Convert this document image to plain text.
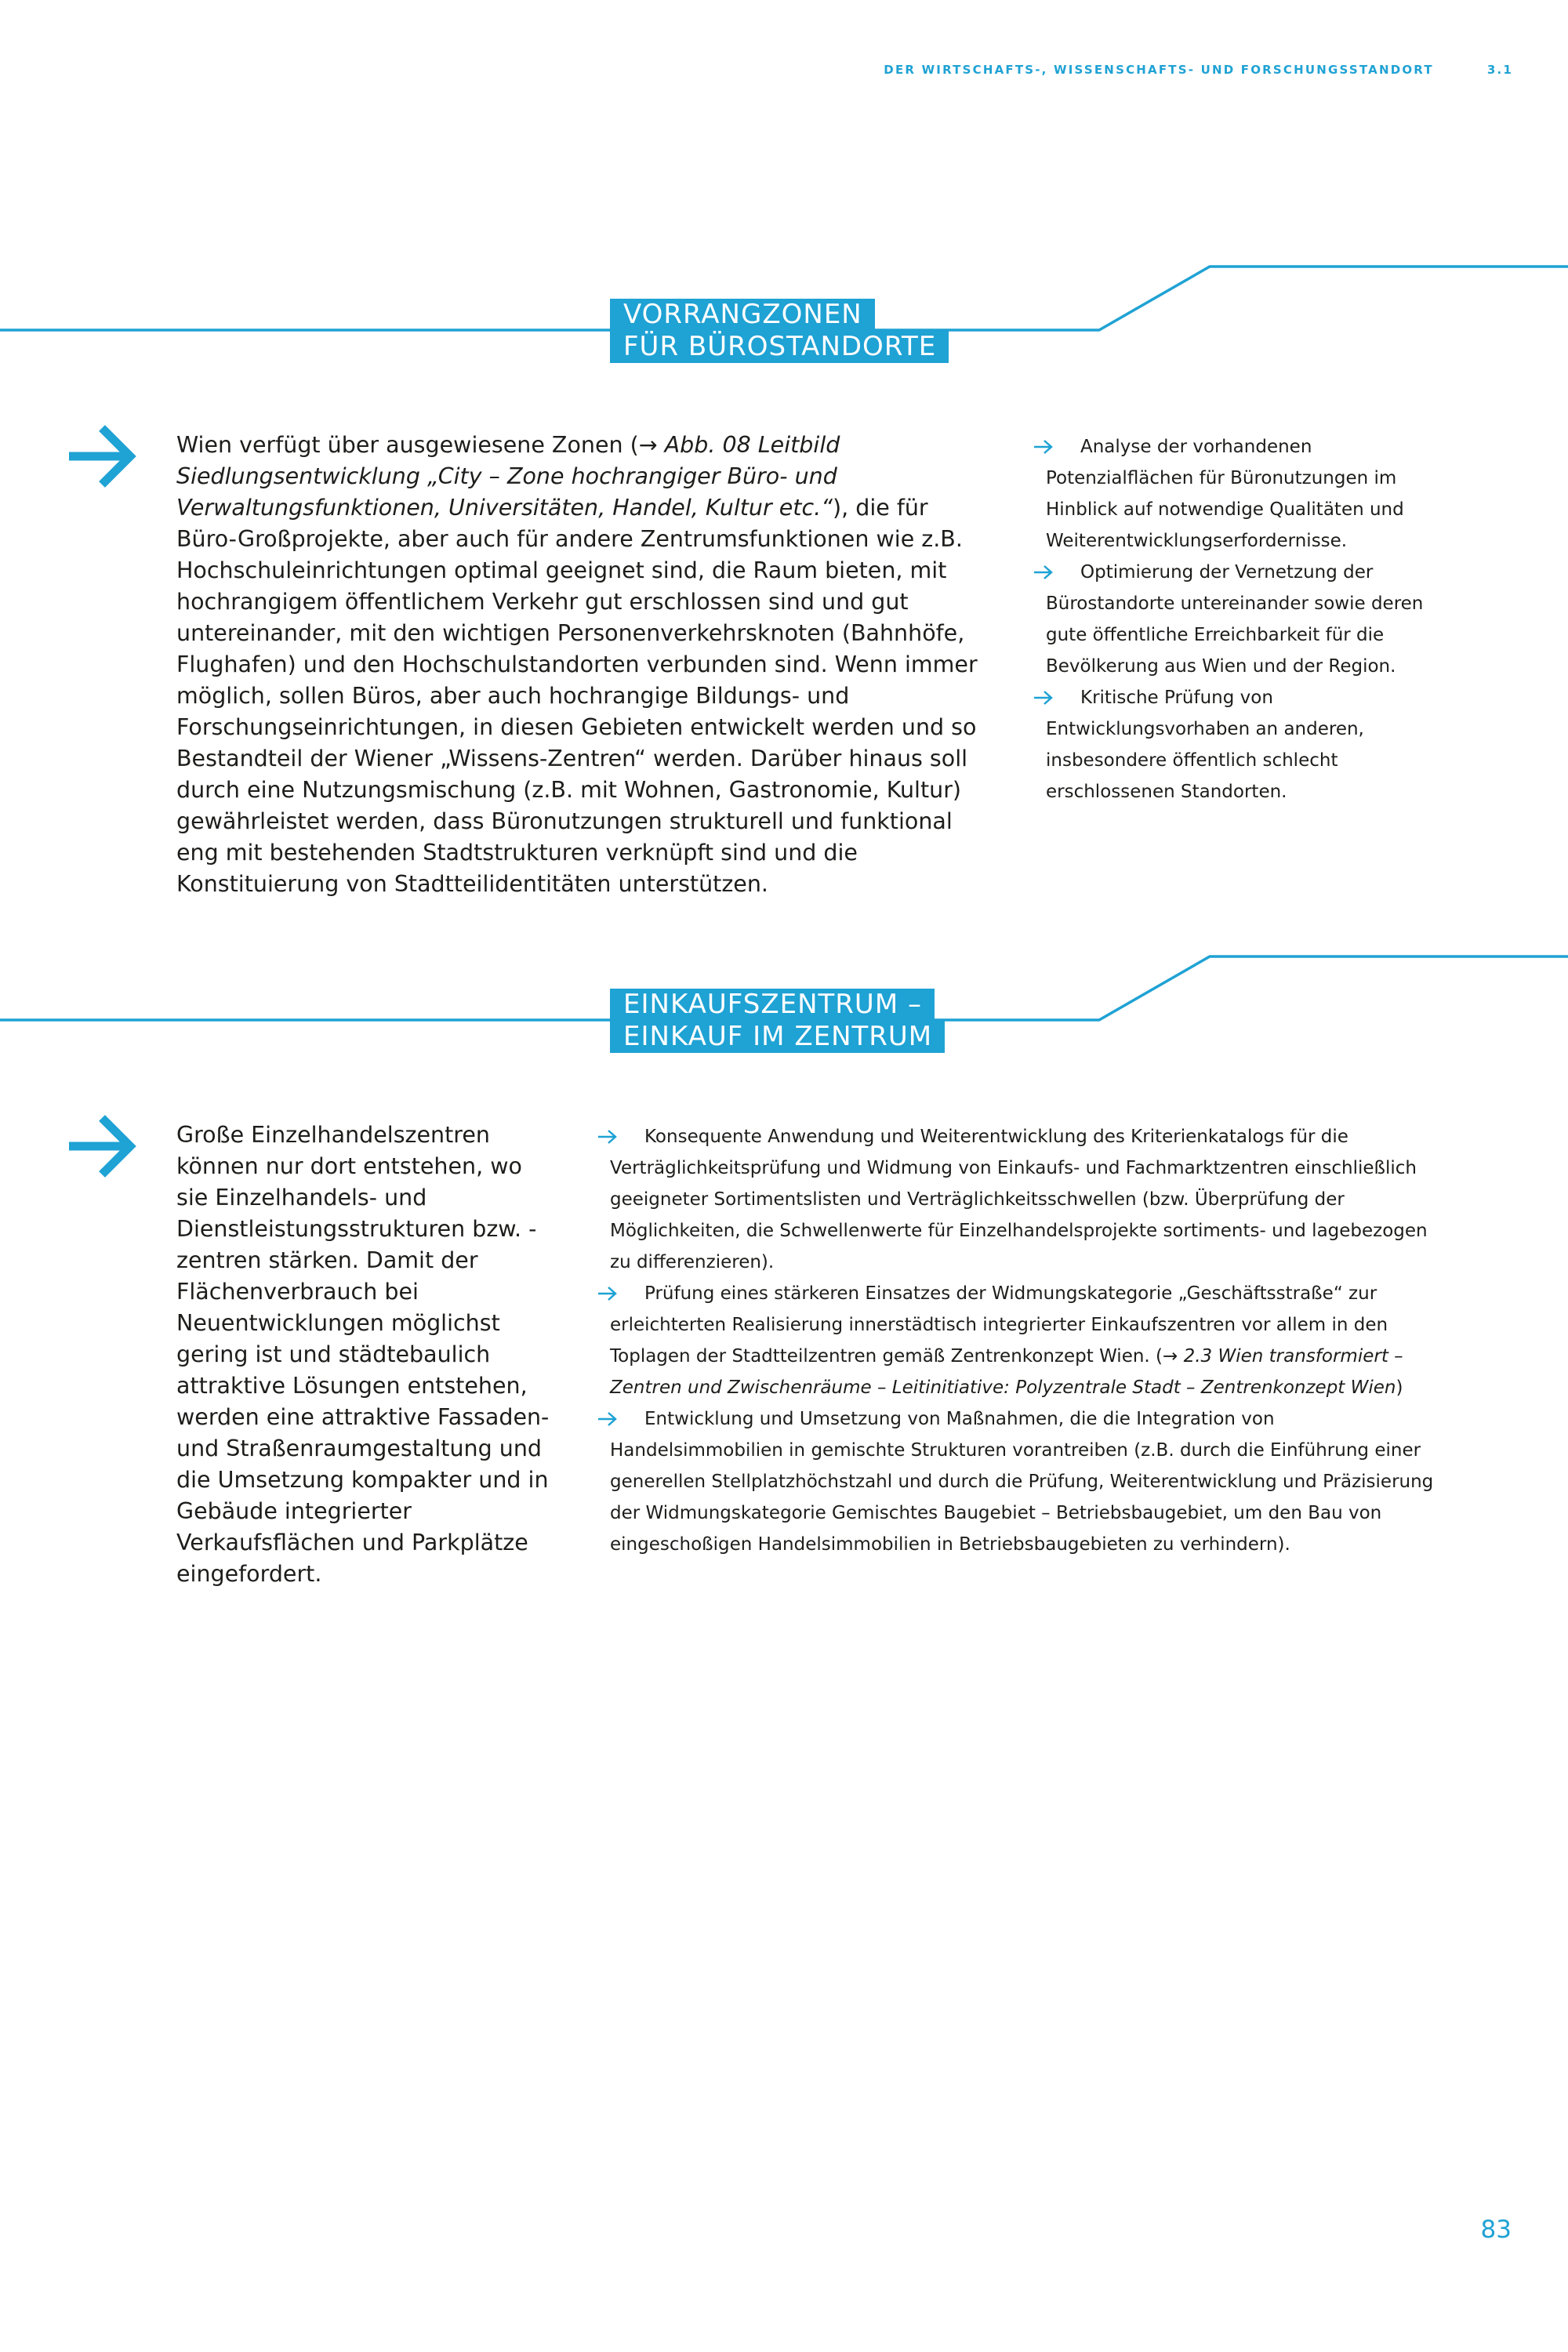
DER WIRTSCHAFTS-, WISSENSCHAFTS- UND FORSCHUNGSSTANDORT	3.1
VORRANGZONEN
FÜR BÜROSTANDORTE

Wien verfügt über ausgewiesene Zonen (→ Abb. 08 Leitbild Siedlungsentwicklung „City – Zone hochrangiger Büro- und Verwaltungsfunktionen, Universitäten, Handel, Kultur etc.“), die für Büro-Großprojekte, aber auch für andere Zentrumsfunktionen wie z.B. Hochschuleinrichtungen optimal geeignet sind, die Raum bieten, mit hochrangigem öffentlichem Verkehr gut erschlossen sind und gut untereinander, mit den wichtigen Personenverkehrsknoten (Bahnhöfe, Flughafen) und den Hochschulstandorten verbunden sind. Wenn immer möglich, sollen Büros, aber auch hochrangige Bildungs- und Forschungseinrichtungen, in diesen Gebieten entwickelt werden und so Bestandteil der Wiener „Wissens-Zentren“ werden. Darüber hinaus soll durch eine Nutzungsmischung (z.B. mit Wohnen, Gastronomie, Kultur) gewährleistet werden, dass Büronutzungen strukturell und funktional eng mit bestehenden Stadtstrukturen verknüpft sind und die Konstituierung von Stadtteilidentitäten unterstützen.

Analyse der vorhandenen Potenzialflächen für Büronutzungen im Hinblick auf notwendige Qualitäten und Weiterentwicklungserfordernisse.
Optimierung der Vernetzung der Bürostandorte untereinander sowie deren gute öffentliche Erreichbarkeit für die Bevölkerung aus Wien und der Region.
Kritische Prüfung von Entwicklungsvorhaben an anderen, insbesondere öffentlich schlecht erschlossenen Standorten.
EINKAUFSZENTRUM –
EINKAUF IM ZENTRUM

Große Einzelhandelszentren können nur dort entstehen, wo sie Einzelhandels- und Dienstleistungsstrukturen bzw. -zentren stärken. Damit der Flächenverbrauch bei Neuentwicklungen möglichst gering ist und städtebaulich attraktive Lösungen entstehen, werden eine attraktive Fassaden- und Straßenraumgestaltung und die Umsetzung kompakter und in Gebäude integrierter Verkaufsflächen und Parkplätze eingefordert.

Konsequente Anwendung und Weiterentwicklung des Kriterienkatalogs für die Verträglichkeitsprüfung und Widmung von Einkaufs- und Fachmarktzentren einschließlich geeigneter Sortimentslisten und Verträglichkeitsschwellen (bzw. Überprüfung der Möglichkeiten, die Schwellenwerte für Einzelhandelsprojekte sortiments- und lagebezogen zu differenzieren).
Prüfung eines stärkeren Einsatzes der Widmungskategorie „Geschäftsstraße“ zur erleichterten Realisierung innerstädtisch integrierter Einkaufszentren vor allem in den Toplagen der Stadtteilzentren gemäß Zentrenkonzept Wien. (→ 2.3 Wien transformiert – Zentren und Zwischenräume – Leitinitiative: Polyzentrale Stadt – Zentrenkonzept Wien)
Entwicklung und Umsetzung von Maßnahmen, die die Integration von Handelsimmobilien in gemischte Strukturen vorantreiben (z.B. durch die Einführung einer generellen Stellplatzhöchstzahl und durch die Prüfung, Weiterentwicklung und Präzisierung der Widmungskategorie Gemischtes Baugebiet – Betriebsbaugebiet, um den Bau von eingeschoßigen Handelsimmobilien in Betriebsbaugebieten zu verhindern).
83
